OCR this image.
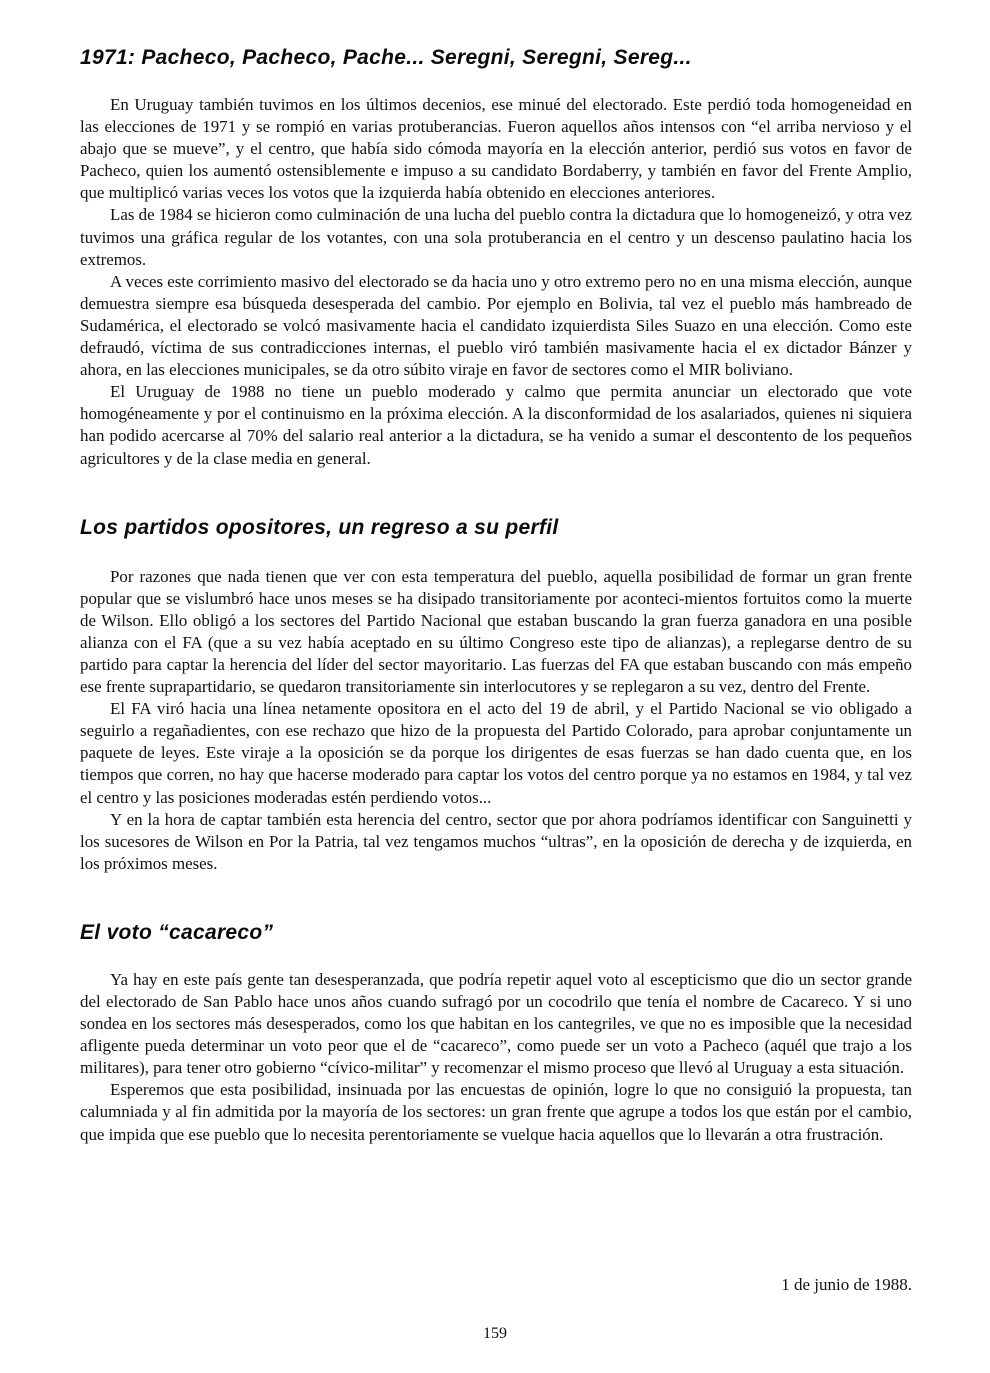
1971: Pacheco, Pacheco, Pache... Seregni, Seregni, Sereg...

En Uruguay también tuvimos en los últimos decenios, ese minué del electorado. Este perdió toda homogeneidad en las elecciones de 1971 y se rompió en varias protuberancias. Fueron aquellos años intensos con “el arriba nervioso y el abajo que se mueve”, y el centro, que había sido cómoda mayoría en la elección anterior, perdió sus votos en favor de Pacheco, quien los aumentó ostensiblemente e impuso a su candidato Bordaberry, y también en favor del Frente Amplio, que multiplicó varias veces los votos que la izquierda había obtenido en elecciones anteriores.

Las de 1984 se hicieron como culminación de una lucha del pueblo contra la dictadura que lo homogeneizó, y otra vez tuvimos una gráfica regular de los votantes, con una sola protuberancia en el centro y un descenso paulatino hacia los extremos.

A veces este corrimiento masivo del electorado se da hacia uno y otro extremo pero no en una misma elección, aunque demuestra siempre esa búsqueda desesperada del cambio. Por ejemplo en Bolivia, tal vez el pueblo más hambreado de Sudamérica, el electorado se volcó masivamente hacia el candidato izquierdista Siles Suazo en una elección. Como este defraudó, víctima de sus contradicciones internas, el pueblo viró también masivamente hacia el ex dictador Bánzer y ahora, en las elecciones municipales, se da otro súbito viraje en favor de sectores como el MIR boliviano.

El Uruguay de 1988 no tiene un pueblo moderado y calmo que permita anunciar un electorado que vote homogéneamente y por el continuismo en la próxima elección. A la disconformidad de los asalariados, quienes ni siquiera han podido acercarse al 70% del salario real anterior a la dictadura, se ha venido a sumar el descontento de los pequeños agricultores y de la clase media en general.

Los partidos opositores, un regreso a su perfil

Por razones que nada tienen que ver con esta temperatura del pueblo, aquella posibilidad de formar un gran frente popular que se vislumbró hace unos meses se ha disipado transitoriamente por aconteci-mientos fortuitos como la muerte de Wilson. Ello obligó a los sectores del Partido Nacional que estaban buscando la gran fuerza ganadora en una posible alianza con el FA (que a su vez había aceptado en su último Congreso este tipo de alianzas), a replegarse dentro de su partido para captar la herencia del líder del sector mayoritario. Las fuerzas del FA que estaban buscando con más empeño ese frente suprapartidario, se quedaron transitoriamente sin interlocutores y se replegaron a su vez, dentro del Frente.

El FA viró hacia una línea netamente opositora en el acto del 19 de abril, y el Partido Nacional se vio obligado a seguirlo a regañadientes, con ese rechazo que hizo de la propuesta del Partido Colorado, para aprobar conjuntamente un paquete de leyes. Este viraje a la oposición se da porque los dirigentes de esas fuerzas se han dado cuenta que, en los tiempos que corren, no hay que hacerse moderado para captar los votos del centro porque ya no estamos en 1984, y tal vez el centro y las posiciones moderadas estén perdiendo votos...

Y en la hora de captar también esta herencia del centro, sector que por ahora podríamos identificar con Sanguinetti y los sucesores de Wilson en Por la Patria, tal vez tengamos muchos “ultras”, en la oposición de derecha y de izquierda, en los próximos meses.

El voto “cacareco”

Ya hay en este país gente tan desesperanzada, que podría repetir aquel voto al escepticismo que dio un sector grande del electorado de San Pablo hace unos años cuando sufragó por un cocodrilo que tenía el nombre de Cacareco. Y si uno sondea en los sectores más desesperados, como los que habitan en los cantegriles, ve que no es imposible que la necesidad afligente pueda determinar un voto peor que el de “cacareco”, como puede ser un voto a Pacheco (aquél que trajo a los militares), para tener otro gobierno “cívico-militar” y recomenzar el mismo proceso que llevó al Uruguay a esta situación.

Esperemos que esta posibilidad, insinuada por las encuestas de opinión, logre lo que no consiguió la propuesta, tan calumniada y al fin admitida por la mayoría de los sectores: un gran frente que agrupe a todos los que están por el cambio, que impida que ese pueblo que lo necesita perentoriamente se vuelque hacia aquellos que lo llevarán a otra frustración.

1 de junio de 1988.

159
